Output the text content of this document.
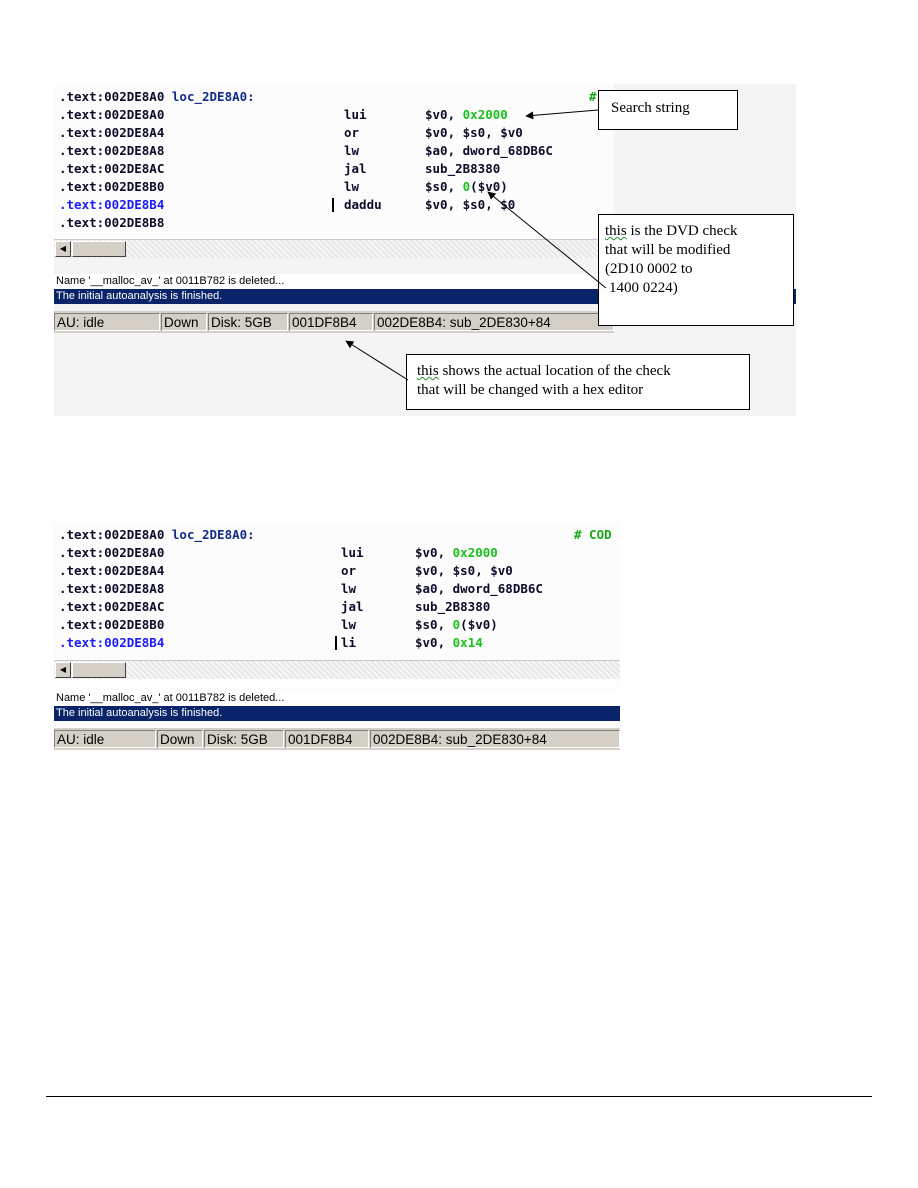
.text:002DE8A0 loc_2DE8A0:	#
.text:002DE8A0	lui	$v0, 0x2000
.text:002DE8A4	or	$v0, $s0, $v0
.text:002DE8A8	lw	$a0, dword_68DB6C
.text:002DE8AC	jal	sub_2B8380
.text:002DE8B0	lw	$s0, 0($v0)
.text:002DE8B4	daddu	$v0, $s0, $0
.text:002DE8B8
◀
Name '__malloc_av_' at 0011B782 is deleted...
The initial autoanalysis is finished.
AU: idle	Down Disk: 5GB	001DF8B4	002DE8B4: sub_2DE830+84
Search string
this is the DVD check
that will be modified
(2D10 0002 to
1400 0224)
this shows the actual location of the check
that will be changed with a hex editor
.text:002DE8A0 loc_2DE8A0:	# COD
.text:002DE8A0	lui	$v0, 0x2000
.text:002DE8A4	or	$v0, $s0, $v0
.text:002DE8A8	lw	$a0, dword_68DB6C
.text:002DE8AC	jal	sub_2B8380
.text:002DE8B0	lw	$s0, 0($v0)
.text:002DE8B4	li	$v0, 0x14
◀
Name '__malloc_av_' at 0011B782 is deleted...
The initial autoanalysis is finished.
AU: idle	Down Disk: 5GB	001DF8B4	002DE8B4: sub_2DE830+84
